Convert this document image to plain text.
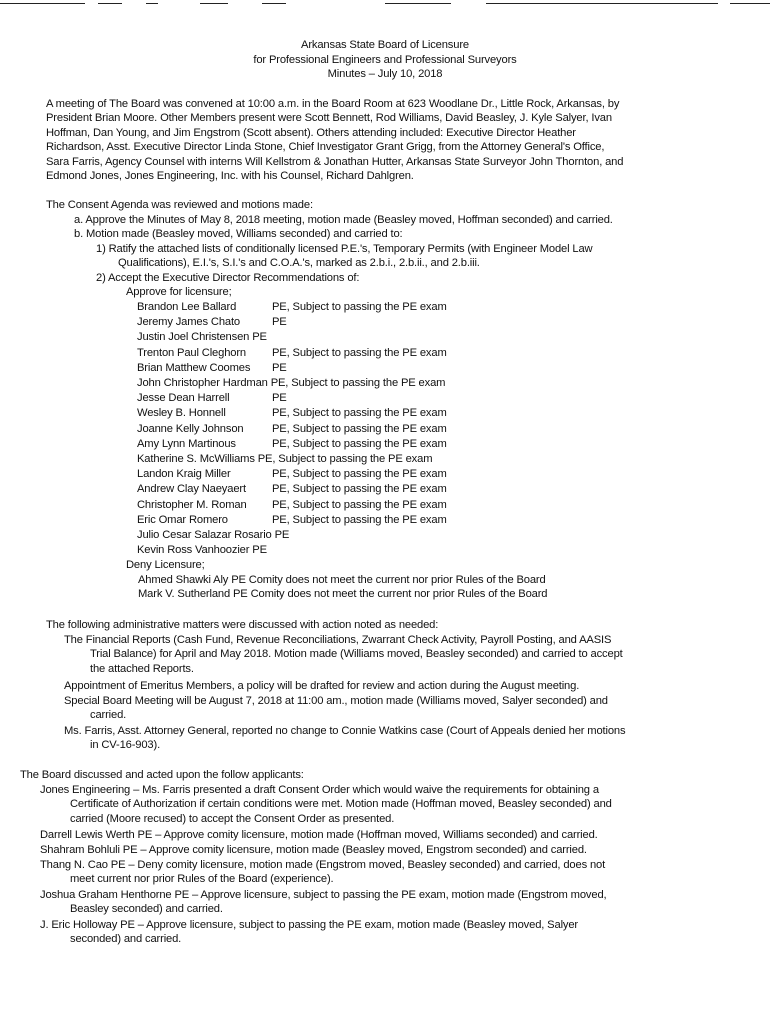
Arkansas State Board of Licensure
for Professional Engineers and Professional Surveyors
Minutes – July 10, 2018
A meeting of The Board was convened at 10:00 a.m. in the Board Room at 623 Woodlane Dr., Little Rock, Arkansas, by
President Brian Moore. Other Members present were Scott Bennett, Rod Williams, David Beasley, J. Kyle Salyer, Ivan
Hoffman, Dan Young, and Jim Engstrom (Scott absent). Others attending included: Executive Director Heather
Richardson, Asst. Executive Director Linda Stone, Chief Investigator Grant Grigg, from the Attorney General's Office,
Sara Farris, Agency Counsel with interns Will Kellstrom & Jonathan Hutter, Arkansas State Surveyor John Thornton, and
Edmond Jones, Jones Engineering, Inc. with his Counsel, Richard Dahlgren.
The Consent Agenda was reviewed and motions made:
a. Approve the Minutes of May 8, 2018 meeting, motion made (Beasley moved, Hoffman seconded) and carried.
b. Motion made (Beasley moved, Williams seconded) and carried to:
1) Ratify the attached lists of conditionally licensed P.E.'s, Temporary Permits (with Engineer Model Law
Qualifications), E.I.'s, S.I.'s and C.O.A.'s, marked as 2.b.i., 2.b.ii., and 2.b.iii.
2) Accept the Executive Director Recommendations of:
Approve for licensure;
Brandon Lee Ballard	PE, Subject to passing the PE exam
Jeremy James Chato	PE
Justin Joel Christensen PE
Trenton Paul Cleghorn PE, Subject to passing the PE exam
Brian Matthew Coomes PE
John Christopher Hardman PE, Subject to passing the PE exam
Jesse Dean Harrell	PE
Wesley B. Honnell	PE, Subject to passing the PE exam
Joanne Kelly Johnson	PE, Subject to passing the PE exam
Amy Lynn Martinous	PE, Subject to passing the PE exam
Katherine S. McWilliams PE, Subject to passing the PE exam
Landon Kraig Miller	PE, Subject to passing the PE exam
Andrew Clay Naeyaert PE, Subject to passing the PE exam
Christopher M. Roman PE, Subject to passing the PE exam
Eric Omar Romero	PE, Subject to passing the PE exam
Julio Cesar Salazar Rosario PE
Kevin Ross Vanhoozier PE
Deny Licensure;
Ahmed Shawki Aly PE Comity does not meet the current nor prior Rules of the Board
Mark V. Sutherland PE Comity does not meet the current nor prior Rules of the Board
The following administrative matters were discussed with action noted as needed:
The Financial Reports (Cash Fund, Revenue Reconciliations, Zwarrant Check Activity, Payroll Posting, and AASIS
Trial Balance) for April and May 2018. Motion made (Williams moved, Beasley seconded) and carried to accept
the attached Reports.
Appointment of Emeritus Members, a policy will be drafted for review and action during the August meeting.
Special Board Meeting will be August 7, 2018 at 11:00 am., motion made (Williams moved, Salyer seconded) and
carried.
Ms. Farris, Asst. Attorney General, reported no change to Connie Watkins case (Court of Appeals denied her motions
in CV-16-903).
The Board discussed and acted upon the follow applicants:
Jones Engineering – Ms. Farris presented a draft Consent Order which would waive the requirements for obtaining a
Certificate of Authorization if certain conditions were met. Motion made (Hoffman moved, Beasley seconded) and
carried (Moore recused) to accept the Consent Order as presented.
Darrell Lewis Werth PE – Approve comity licensure, motion made (Hoffman moved, Williams seconded) and carried.
Shahram Bohluli PE – Approve comity licensure, motion made (Beasley moved, Engstrom seconded) and carried.
Thang N. Cao PE – Deny comity licensure, motion made (Engstrom moved, Beasley seconded) and carried, does not
meet current nor prior Rules of the Board (experience).
Joshua Graham Henthorne PE – Approve licensure, subject to passing the PE exam, motion made (Engstrom moved,
Beasley seconded) and carried.
J. Eric Holloway PE – Approve licensure, subject to passing the PE exam, motion made (Beasley moved, Salyer
seconded) and carried.
